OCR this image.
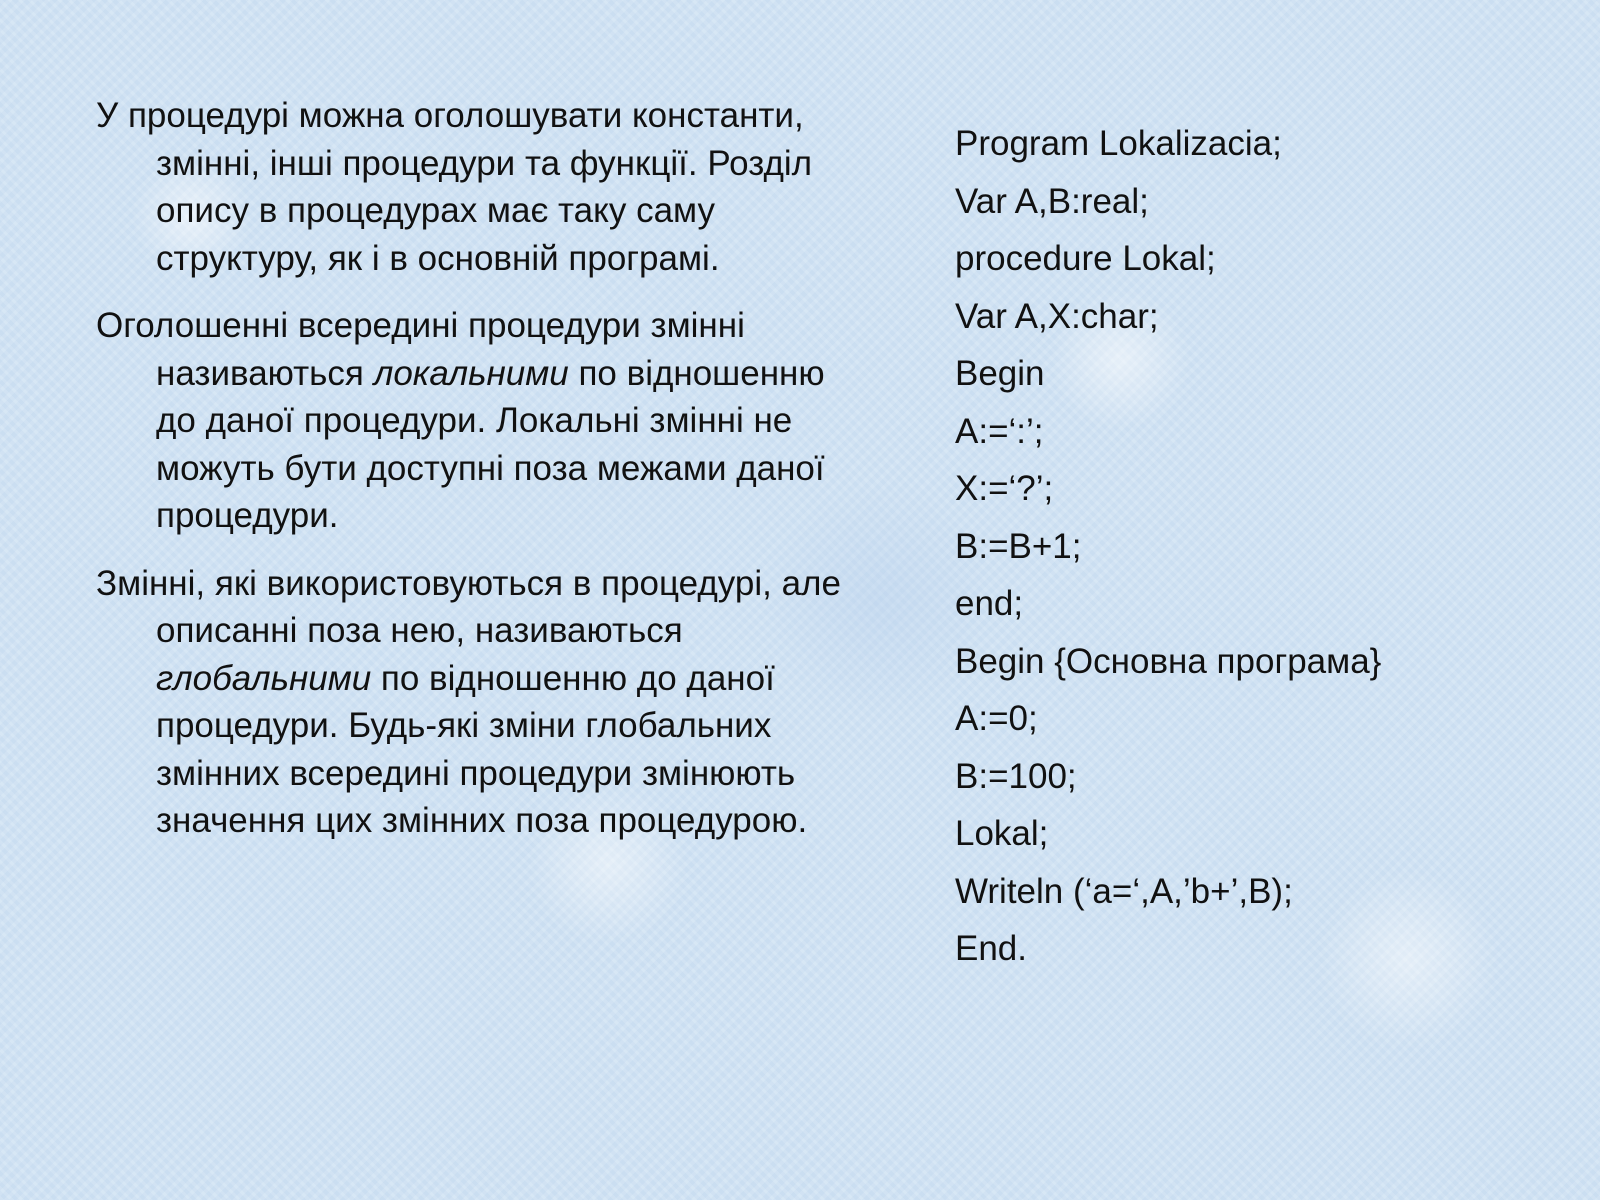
У процедурі можна оголошувати константи, змінні, інші процедури та функції. Розділ опису в процедурах має таку саму структуру, як і в основній програмі.

Оголошенні всередині процедури змінні називаються локальними по відношенню до даної процедури. Локальні змінні не можуть бути доступні поза межами даної процедури.

Змінні, які використовуються в процедурі, але описанні поза нею, називаються глобальними по відношенню до даної процедури. Будь-які зміни глобальних змінних всередині процедури змінюють значення цих змінних поза процедурою.

Program Lokalizacia;
Var A,B:real;
procedure Lokal;
Var A,X:char;
Begin
A:=‘:’;
X:=‘?’;
B:=B+1;
end;
Begin {Основна програма}
A:=0;
B:=100;
Lokal;
Writeln (‘a=‘,A,’b+’,B);
End.
